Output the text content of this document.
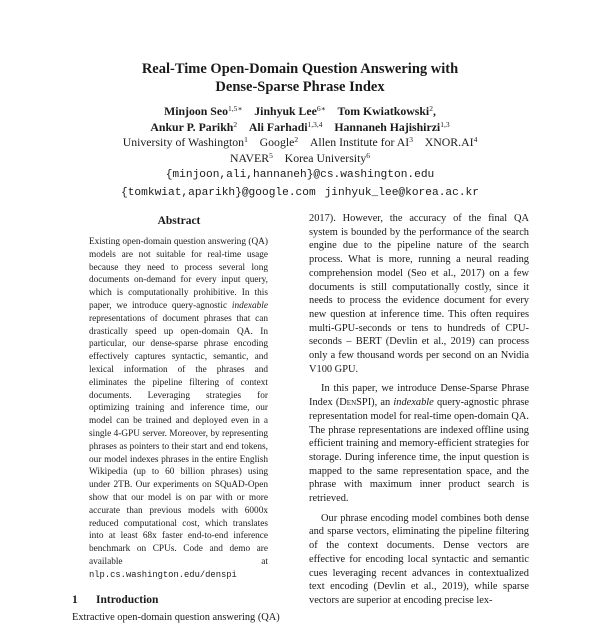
Real-Time Open-Domain Question Answering with
Dense-Sparse Phrase Index
Minjoon Seo$^{1,5∗}$ Jinhyuk Lee$^{6∗}$ Tom Kwiatkowski$^2$,
Ankur P. Parikh$^2$ Ali Farhadi$^{1,3,4}$ Hannaneh Hajishirzi$^{1,3}$
University of Washington$^1$ Google$^2$ Allen Institute for $AI^3$ $XNOR.AI^4$
NAVER$^5$ Korea University$^6$
{minjoon,ali,hannaneh}@cs.washington.edu
{tomkwiat,aparikh}@google.com jinhyuk_lee@korea.ac.kr
Abstract

Existing open-domain question answering (QA) models are not suitable for real-time usage because they need to process several long documents on-demand for every input query, which is computationally prohibitive. In this paper, we introduce query-agnostic indexable representations of document phrases that can drastically speed up open-domain QA. In particular, our dense-sparse phrase encoding effectively captures syntactic, semantic, and lexical information of the phrases and eliminates the pipeline filtering of context documents. Leveraging strategies for optimizing training and inference time, our model can be trained and deployed even in a single 4-GPU server. Moreover, by representing phrases as pointers to their start and end tokens, our model indexes phrases in the entire English Wikipedia (up to 60 billion phrases) using under 2TB. Our experiments on SQuAD-Open show that our model is on par with or more accurate than previous models with 6000x reduced computational cost, which translates into at least 68x faster end-to-end inference benchmark on CPUs. Code and demo are available at nlp.cs.washington.edu/denspi

1 Introduction

Extractive open-domain question answering (QA)

2017). However, the accuracy of the final QA system is bounded by the performance of the search engine due to the pipeline nature of the search process. What is more, running a neural reading comprehension model (Seo et al., 2017) on a few documents is still computationally costly, since it needs to process the evidence document for every new question at inference time. This often requires multi-GPU-seconds or tens to hundreds of CPU-seconds – BERT (Devlin et al., 2019) can process only a few thousand words per second on an Nvidia V100 GPU.

In this paper, we introduce Dense-Sparse Phrase Index (DenSPI), an indexable query-agnostic phrase representation model for real-time open-domain QA. The phrase representations are indexed offline using efficient training and memory-efficient strategies for storage. During inference time, the input question is mapped to the same representation space, and the phrase with maximum inner product search is retrieved.

Our phrase encoding model combines both dense and sparse vectors, eliminating the pipeline filtering of the context documents. Dense vectors are effective for encoding local syntactic and semantic cues leveraging recent advances in contextualized text encoding (Devlin et al., 2019), while sparse vectors are superior at encoding precise lex-
